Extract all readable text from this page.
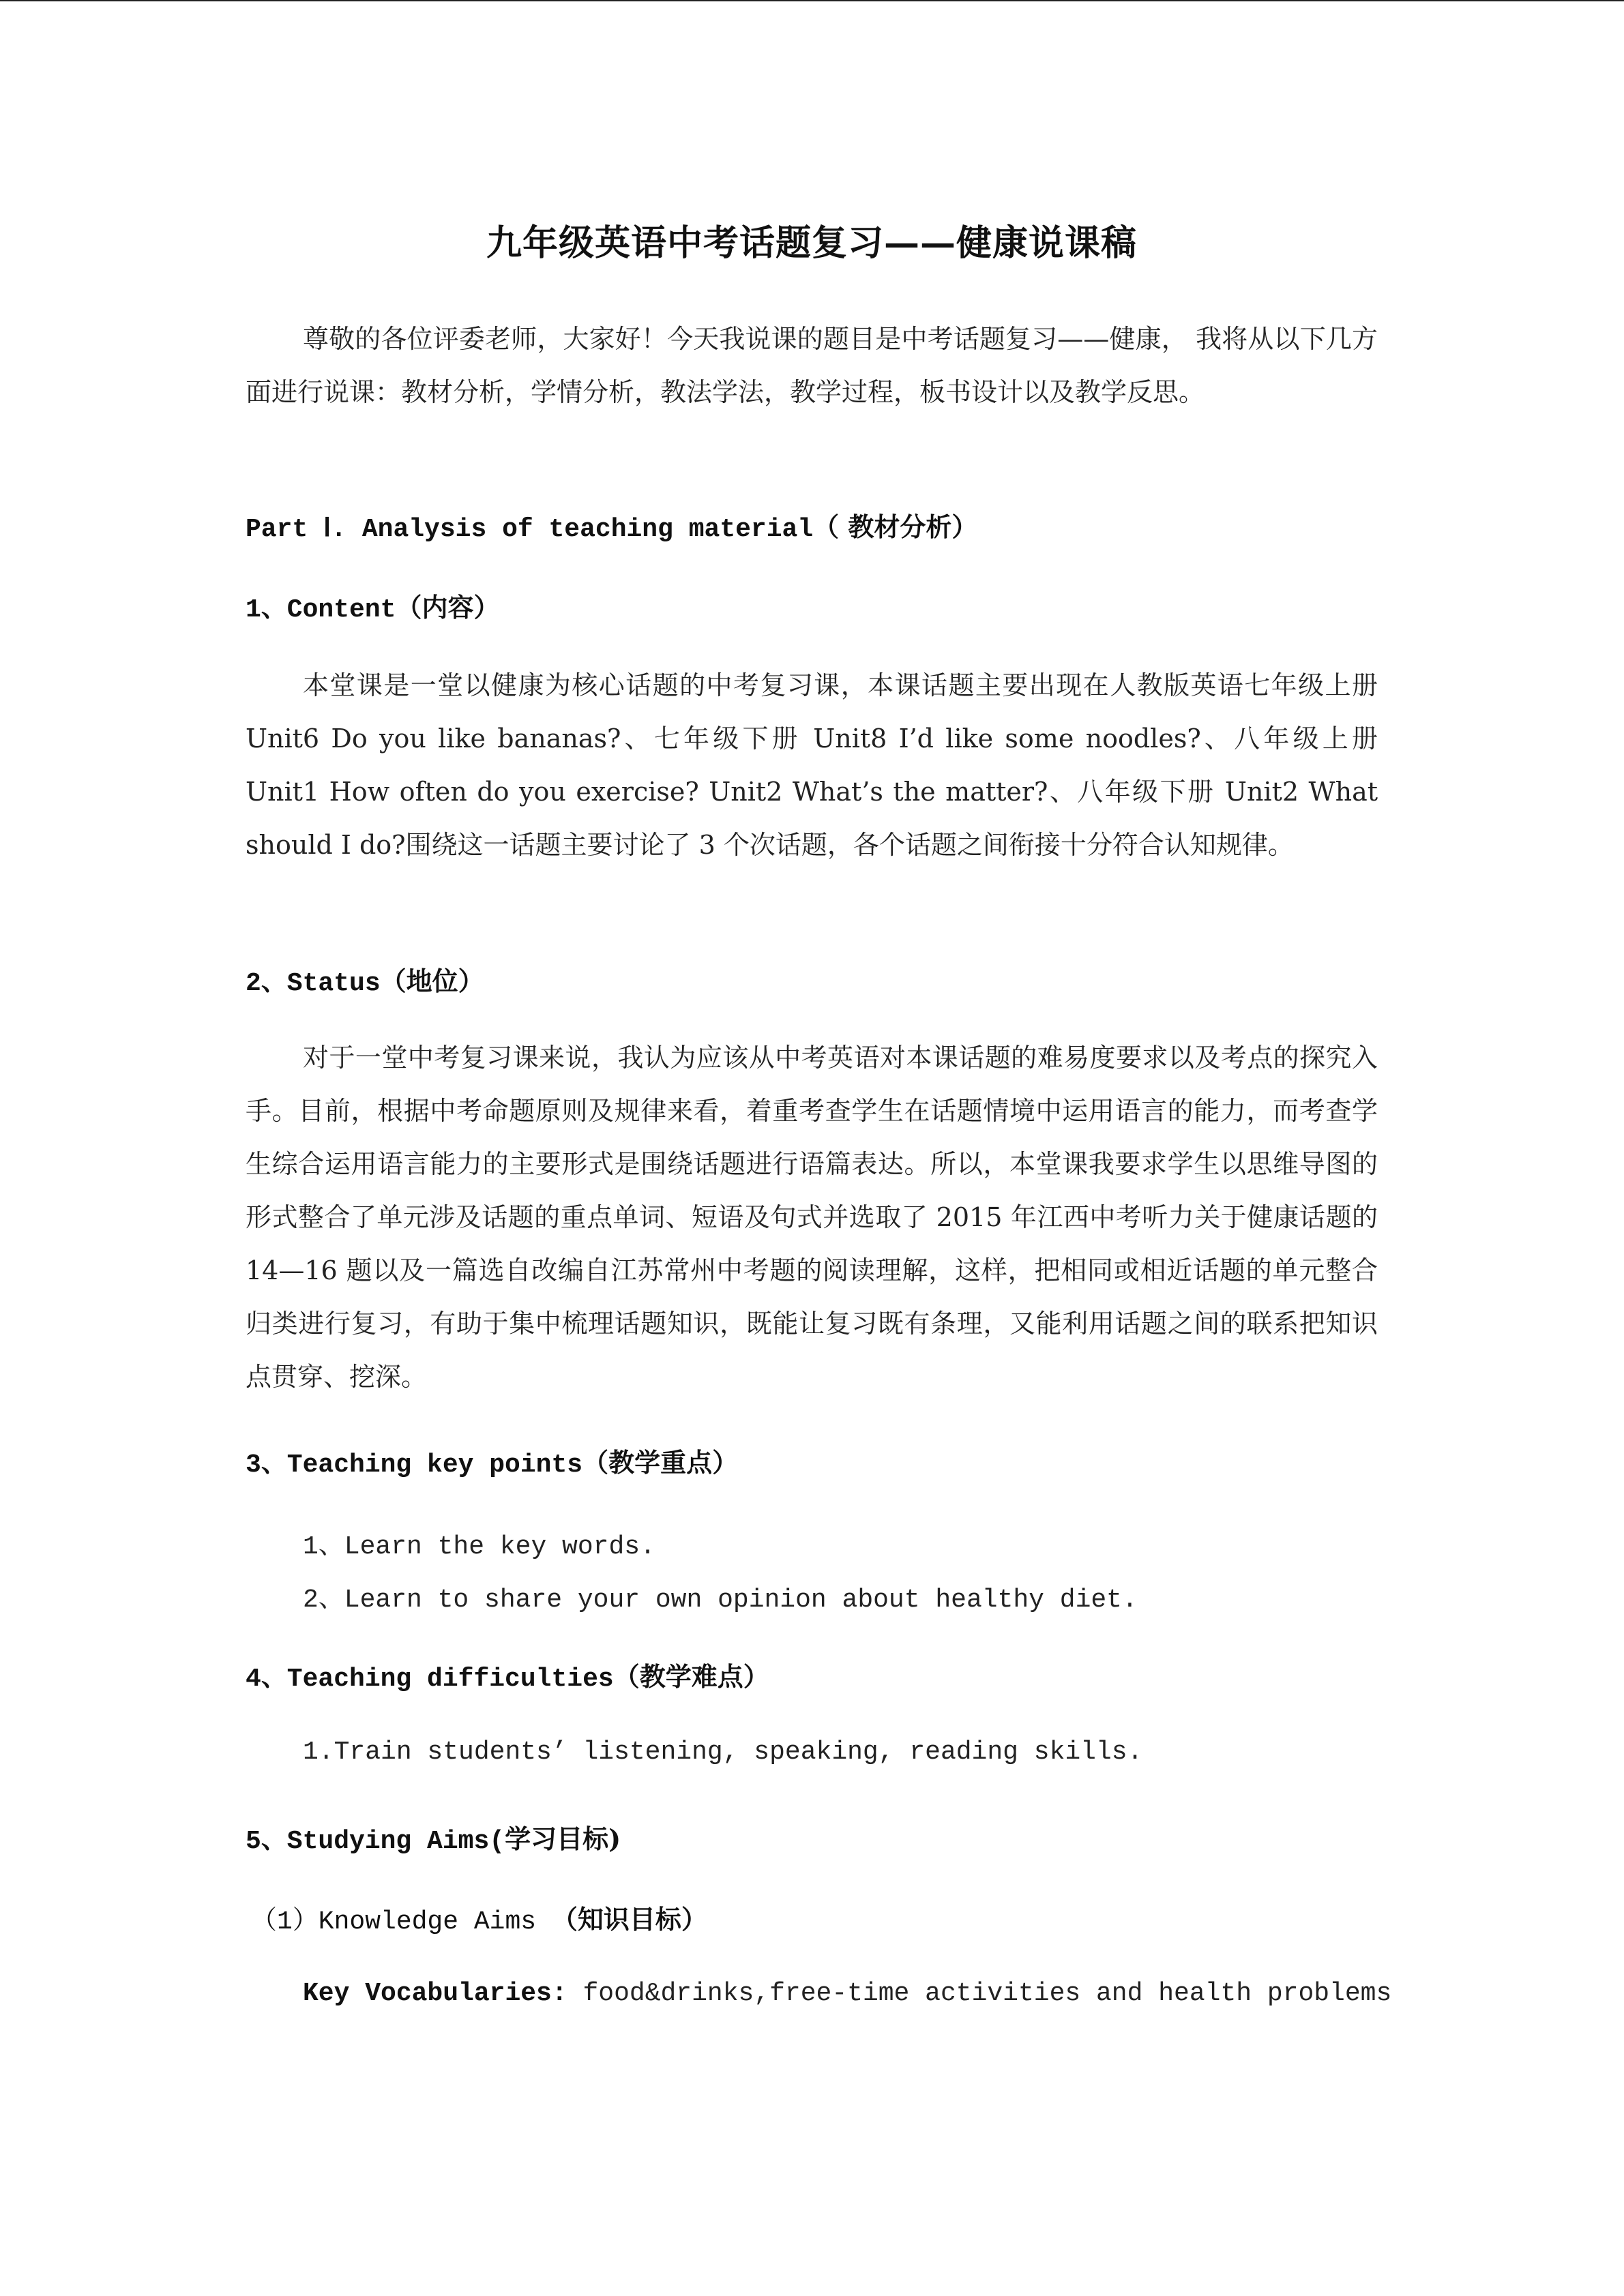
九年级英语中考话题复习——健康说课稿

尊敬的各位评委老师，大家好！今天我说课的题目是中考话题复习——健康， 我将从以下几方面进行说课：教材分析，学情分析，教法学法，教学过程，板书设计以及教学反思。

Part Ⅰ. Analysis of teaching material（ 教材分析）
1、Content（内容）

本堂课是一堂以健康为核心话题的中考复习课，本课话题主要出现在人教版英语七年级上册 Unit6 Do you like bananas?、七年级下册 Unit8 I’d like some noodles?、八年级上册 Unit1 How often do you exercise? Unit2 What’s the matter?、八年级下册 Unit2 What should I do?围绕这一话题主要讨论了 3 个次话题，各个话题之间衔接十分符合认知规律。

2、Status（地位）

对于一堂中考复习课来说，我认为应该从中考英语对本课话题的难易度要求以及考点的探究入手。目前，根据中考命题原则及规律来看，着重考查学生在话题情境中运用语言的能力，而考查学生综合运用语言能力的主要形式是围绕话题进行语篇表达。所以，本堂课我要求学生以思维导图的形式整合了单元涉及话题的重点单词、短语及句式并选取了 2015 年江西中考听力关于健康话题的 14—16 题以及一篇选自改编自江苏常州中考题的阅读理解，这样，把相同或相近话题的单元整合归类进行复习，有助于集中梳理话题知识，既能让复习既有条理，又能利用话题之间的联系把知识点贯穿、挖深。

3、Teaching key points（教学重点）
1、Learn the key words.
2、Learn to share your own opinion about healthy diet.
4、Teaching difficulties（教学难点）
1.Train students’ listening, speaking, reading skills.
5、Studying Aims(学习目标)
（1）Knowledge Aims （知识目标）
Key Vocabularies: food&drinks,free-time activities and health problems
